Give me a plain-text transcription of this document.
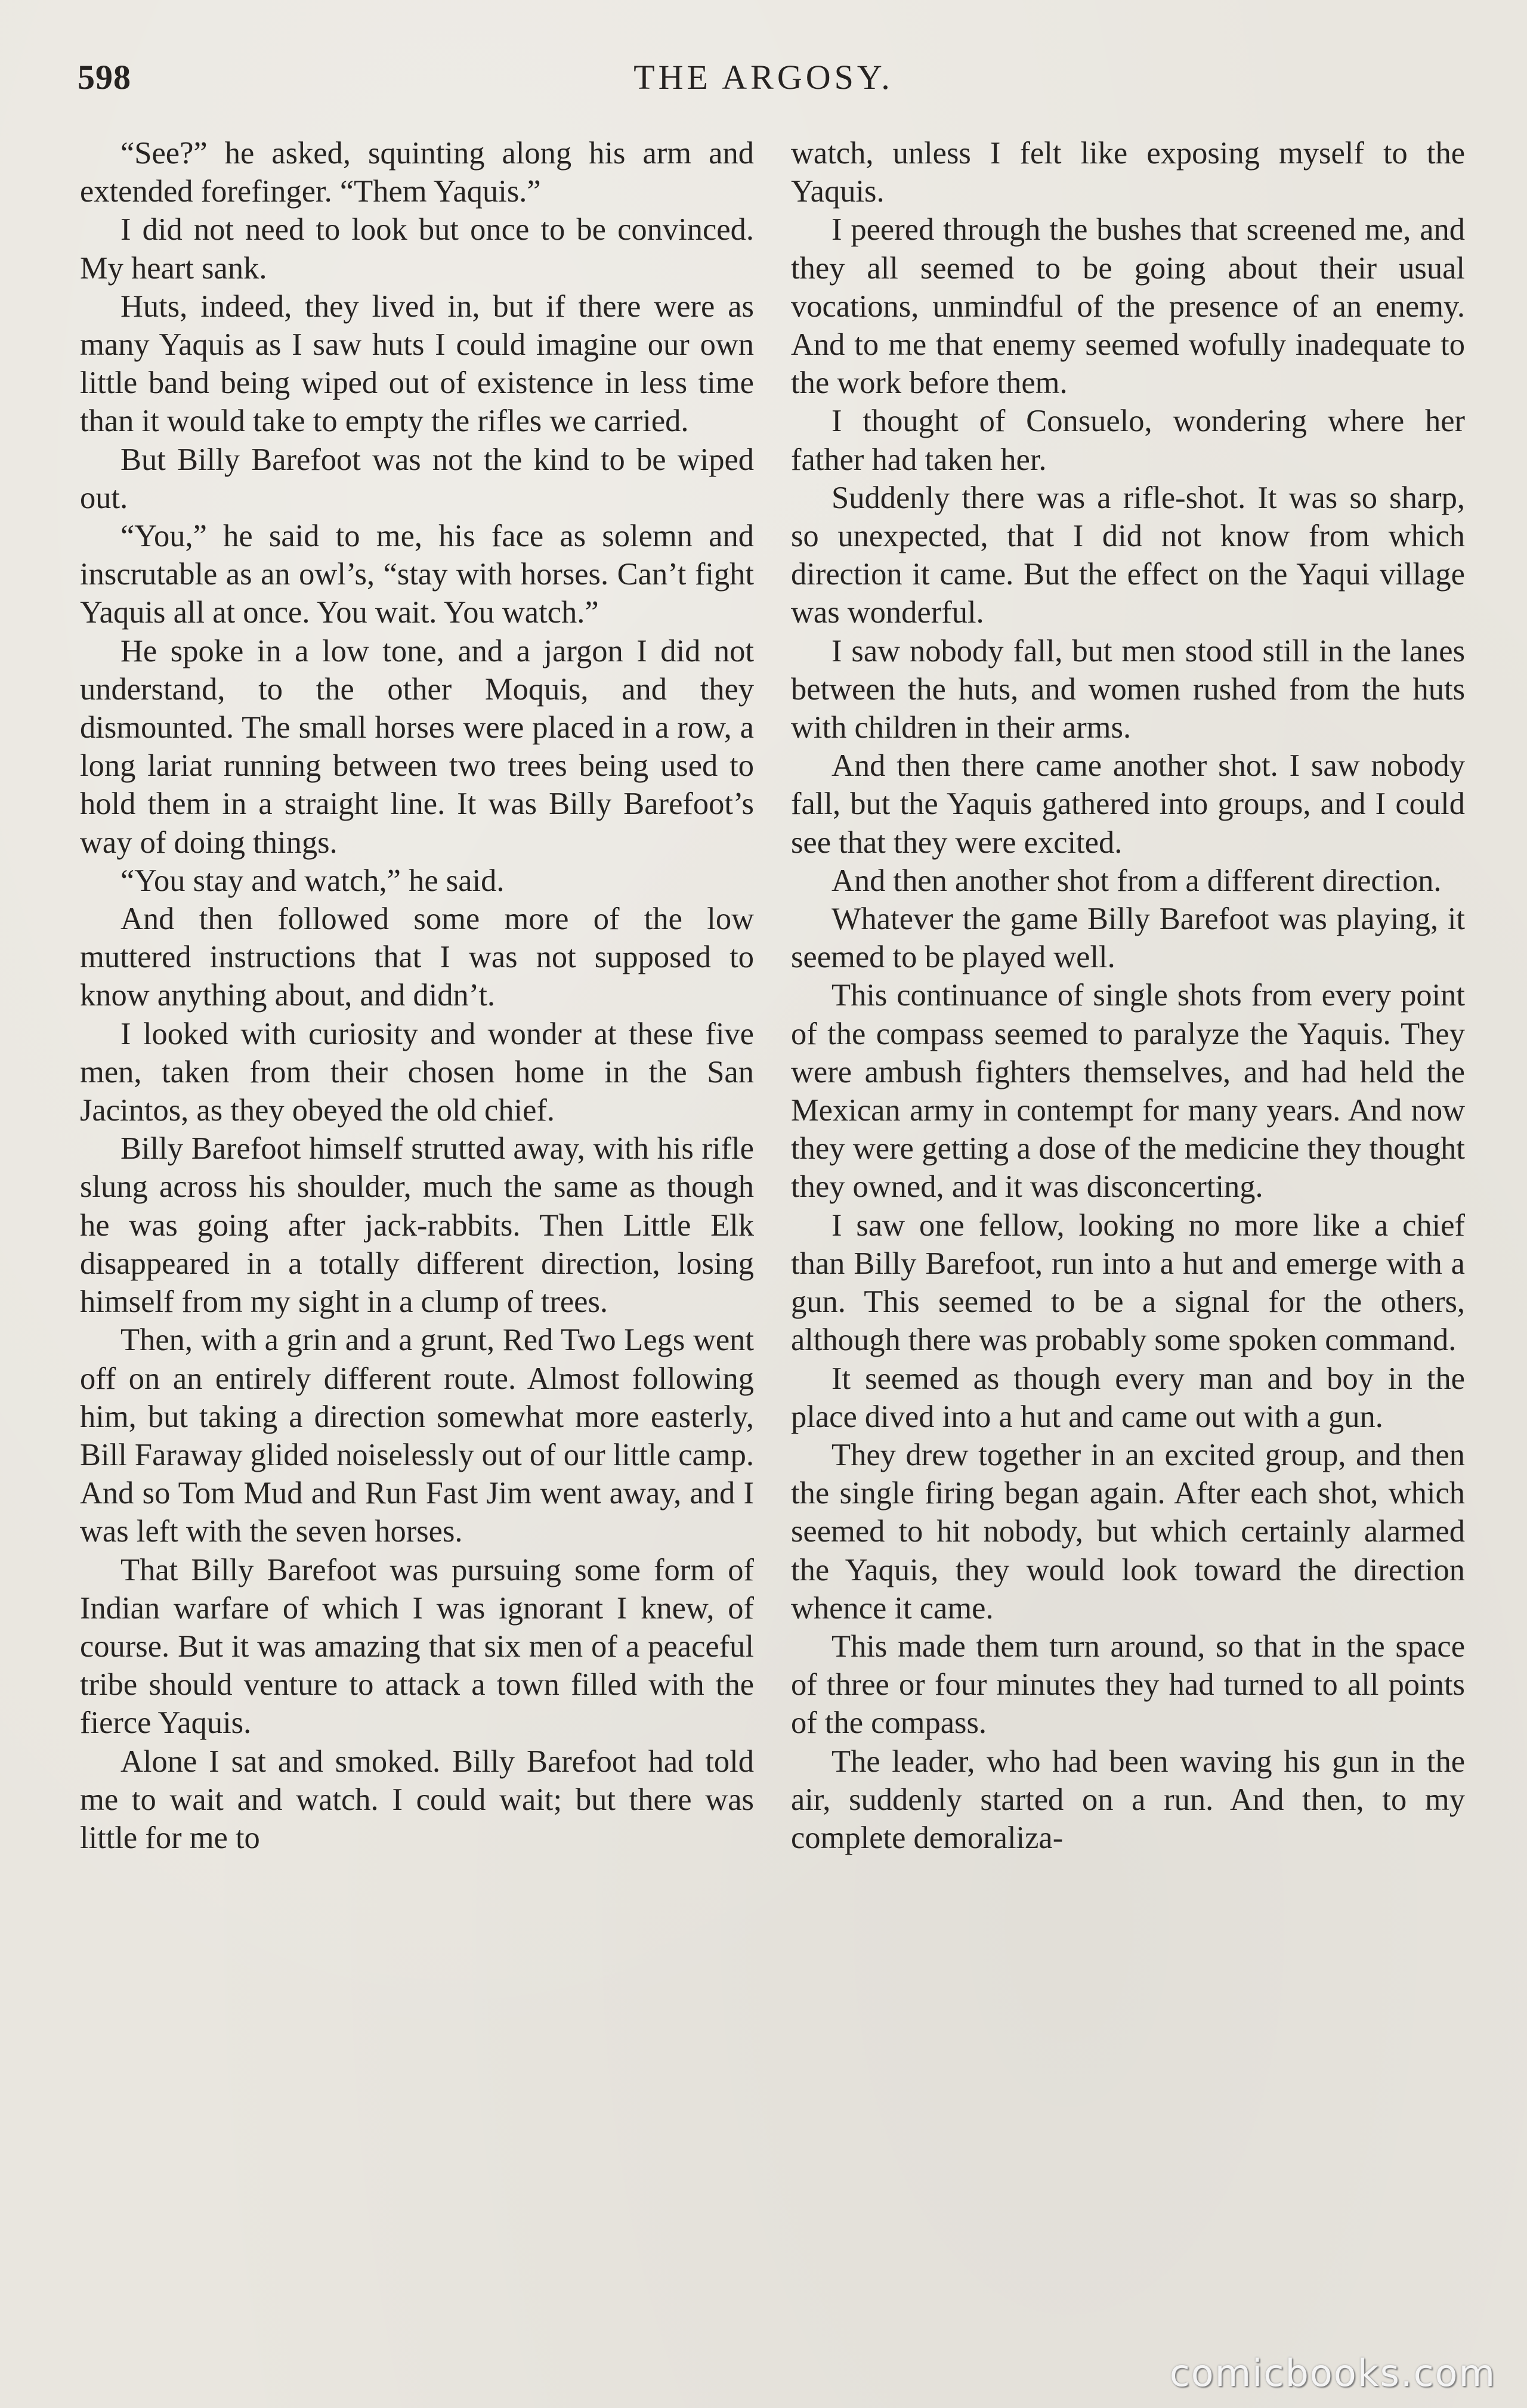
598	THE ARGOSY.

“See?” he asked, squinting along his arm and extended forefinger. “Them Yaquis.”

I did not need to look but once to be convinced. My heart sank.

Huts, indeed, they lived in, but if there were as many Yaquis as I saw huts I could imagine our own little band being wiped out of existence in less time than it would take to empty the rifles we carried.

But Billy Barefoot was not the kind to be wiped out.

“You,” he said to me, his face as solemn and inscrutable as an owl’s, “stay with horses. Can’t fight Yaquis all at once. You wait. You watch.”

He spoke in a low tone, and a jargon I did not understand, to the other Moquis, and they dismounted. The small horses were placed in a row, a long lariat running between two trees being used to hold them in a straight line. It was Billy Barefoot’s way of doing things.

“You stay and watch,” he said.

And then followed some more of the low muttered instructions that I was not supposed to know anything about, and didn’t.

I looked with curiosity and wonder at these five men, taken from their chosen home in the San Jacintos, as they obeyed the old chief.

Billy Barefoot himself strutted away, with his rifle slung across his shoulder, much the same as though he was going after jack-rabbits. Then Little Elk disappeared in a totally different direction, losing himself from my sight in a clump of trees.

Then, with a grin and a grunt, Red Two Legs went off on an entirely different route. Almost following him, but taking a direction somewhat more easterly, Bill Faraway glided noiselessly out of our little camp. And so Tom Mud and Run Fast Jim went away, and I was left with the seven horses.

That Billy Barefoot was pursuing some form of Indian warfare of which I was ignorant I knew, of course. But it was amazing that six men of a peaceful tribe should venture to attack a town filled with the fierce Yaquis.

Alone I sat and smoked. Billy Barefoot had told me to wait and watch. I could wait; but there was little for me to

watch, unless I felt like exposing myself to the Yaquis.

I peered through the bushes that screened me, and they all seemed to be going about their usual vocations, unmindful of the presence of an enemy. And to me that enemy seemed wofully inadequate to the work before them.

I thought of Consuelo, wondering where her father had taken her.

Suddenly there was a rifle-shot. It was so sharp, so unexpected, that I did not know from which direction it came. But the effect on the Yaqui village was wonderful.

I saw nobody fall, but men stood still in the lanes between the huts, and women rushed from the huts with children in their arms.

And then there came another shot. I saw nobody fall, but the Yaquis gathered into groups, and I could see that they were excited.

And then another shot from a different direction.

Whatever the game Billy Barefoot was playing, it seemed to be played well.

This continuance of single shots from every point of the compass seemed to paralyze the Yaquis. They were ambush fighters themselves, and had held the Mexican army in contempt for many years. And now they were getting a dose of the medicine they thought they owned, and it was disconcerting.

I saw one fellow, looking no more like a chief than Billy Barefoot, run into a hut and emerge with a gun. This seemed to be a signal for the others, although there was probably some spoken command.

It seemed as though every man and boy in the place dived into a hut and came out with a gun.

They drew together in an excited group, and then the single firing began again. After each shot, which seemed to hit nobody, but which certainly alarmed the Yaquis, they would look toward the direction whence it came.

This made them turn around, so that in the space of three or four minutes they had turned to all points of the compass.

The leader, who had been waving his gun in the air, suddenly started on a run. And then, to my complete demoraliza-

comicbooks.com
